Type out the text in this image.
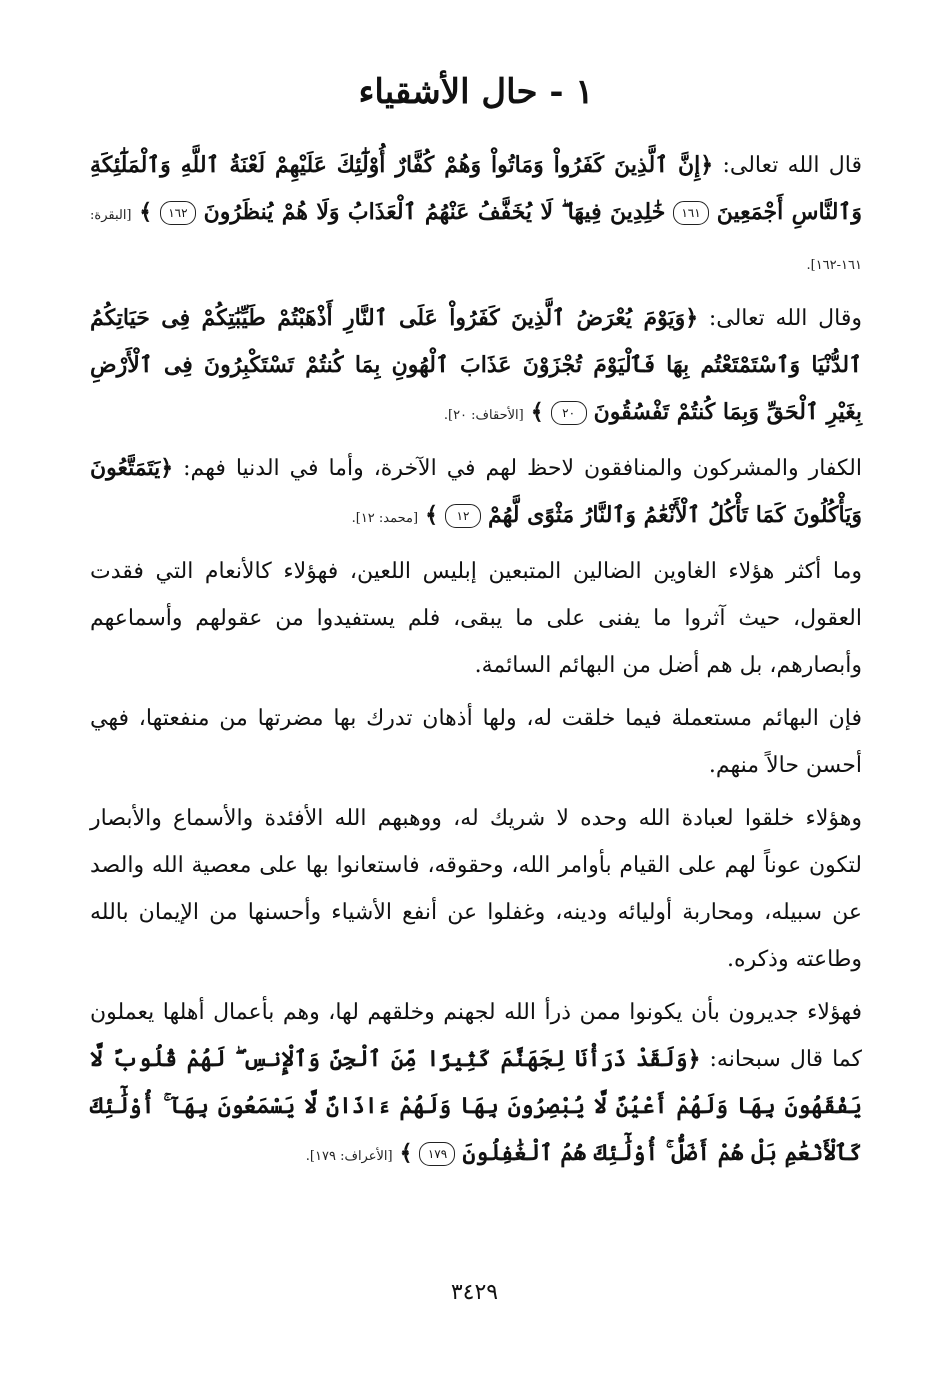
١ - حال الأشقياء

قال الله تعالى: ﴿إِنَّ ٱلَّذِينَ كَفَرُواْ وَمَاتُواْ وَهُمْ كُفَّارٌ أُوْلَٰٓئِكَ عَلَيْهِمْ لَعْنَةُ ٱللَّهِ وَٱلْمَلَٰٓئِكَةِ وَٱلنَّاسِ أَجْمَعِينَ ١٦١ خَٰلِدِينَ فِيهَا ۖ لَا يُخَفَّفُ عَنْهُمُ ٱلْعَذَابُ وَلَا هُمْ يُنظَرُونَ ١٦٢ ﴾ [البقرة: ١٦١-١٦٢].

وقال الله تعالى: ﴿وَيَوْمَ يُعْرَضُ ٱلَّذِينَ كَفَرُواْ عَلَى ٱلنَّارِ أَذْهَبْتُمْ طَيِّبَٰتِكُمْ فِى حَيَاتِكُمُ ٱلدُّنْيَا وَٱسْتَمْتَعْتُم بِهَا فَٱلْيَوْمَ تُجْزَوْنَ عَذَابَ ٱلْهُونِ بِمَا كُنتُمْ تَسْتَكْبِرُونَ فِى ٱلْأَرْضِ بِغَيْرِ ٱلْحَقِّ وَبِمَا كُنتُمْ تَفْسُقُونَ ٢٠ ﴾ [الأحقاف: ٢٠].

الكفار والمشركون والمنافقون لاحظ لهم في الآخرة، وأما في الدنيا فهم: ﴿يَتَمَتَّعُونَ وَيَأْكُلُونَ كَمَا تَأْكُلُ ٱلْأَنْعَٰمُ وَٱلنَّارُ مَثْوًى لَّهُمْ ١٢ ﴾ [محمد: ١٢].

وما أكثر هؤلاء الغاوين الضالين المتبعين إبليس اللعين، فهؤلاء كالأنعام التي فقدت العقول، حيث آثروا ما يفنى على ما يبقى، فلم يستفيدوا من عقولهم وأسماعهم وأبصارهم، بل هم أضل من البهائم السائمة.

فإن البهائم مستعملة فيما خلقت له، ولها أذهان تدرك بها مضرتها من منفعتها، فهي أحسن حالاً منهم.

وهؤلاء خلقوا لعبادة الله وحده لا شريك له، ووهبهم الله الأفئدة والأسماع والأبصار لتكون عوناً لهم على القيام بأوامر الله، وحقوقه، فاستعانوا بها على معصية الله والصد عن سبيله، ومحاربة أوليائه ودينه، وغفلوا عن أنفع الأشياء وأحسنها من الإيمان بالله وطاعته وذكره.

فهؤلاء جديرون بأن يكونوا ممن ذرأ الله لجهنم وخلقهم لها، وهم بأعمال أهلها يعملون كما قال سبحانه: ﴿وَلَقَدْ ذَرَأْنَا لِجَهَنَّمَ كَثِيرًا مِّنَ ٱلْجِنِّ وَٱلْإِنسِ ۖ لَهُمْ قُلُوبٌ لَّا يَفْقَهُونَ بِهَا وَلَهُمْ أَعْيُنٌ لَّا يُبْصِرُونَ بِهَا وَلَهُمْ ءَاذَانٌ لَّا يَسْمَعُونَ بِهَآ ۚ أُوْلَٰٓئِكَ كَٱلْأَنْعَٰمِ بَلْ هُمْ أَضَلُّ ۚ أُوْلَٰٓئِكَ هُمُ ٱلْغَٰفِلُونَ ١٧٩ ﴾ [الأعراف: ١٧٩].

٣٤٢٩
